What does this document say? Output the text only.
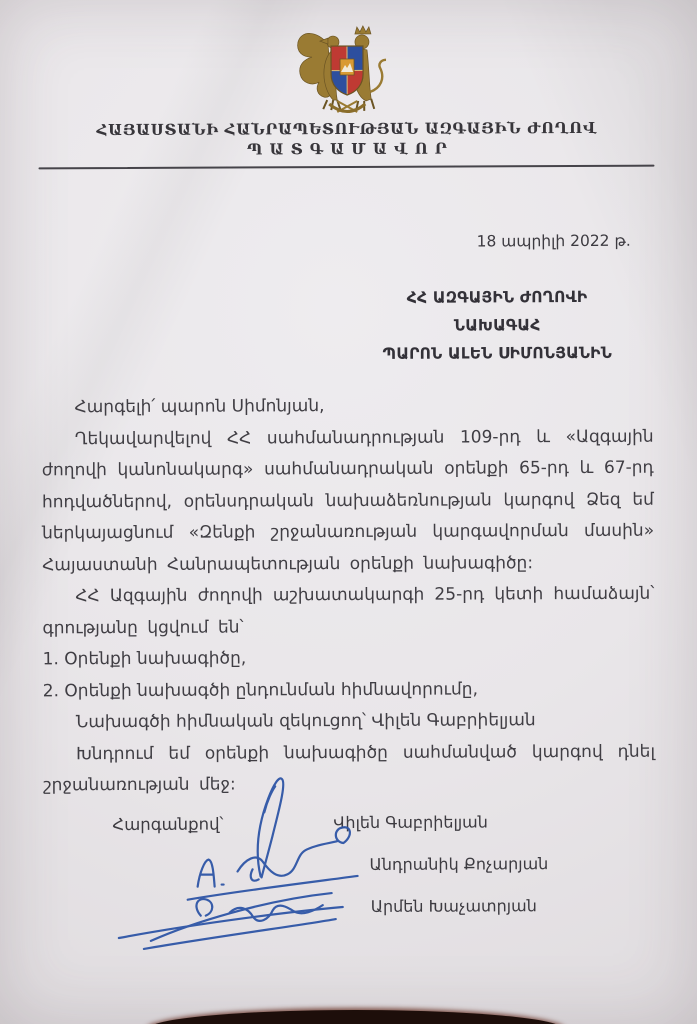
ՀԱՅԱՍՏԱՆԻ ՀԱՆՐԱՊԵՏՈՒԹՅԱՆ ԱԶԳԱՅԻՆ ԺՈՂՈՎ
ՊԱՏԳԱՄԱՎՈՐ
18 ապրիլի 2022 թ.
ՀՀ ԱԶԳԱՅԻՆ ԺՈՂՈՎԻ ՆԱԽԱԳԱՀ
ՊԱՐՈՆ ԱԼԵՆ ՍԻՄՈՆՅԱՆԻՆ

Հարգելի՛ պարոն Սիմոնյան,

Ղեկավարվելով ՀՀ սահմանադրության 109-րդ և «Ազգային ժողովի կանոնակարգ» սահմանադրական օրենքի 65-րդ և 67-րդ հոդվածներով, օրենսդրական նախաձեռնության կարգով Ձեզ եմ ներկայացնում «Զենքի շրջանառության կարգավորման մասին» Հայաստանի Հանրապետության օրենքի նախագիծը:

ՀՀ Ազգային ժողովի աշխատակարգի 25-րդ կետի համաձայն՝ գրությանը կցվում են՝

1. Օրենքի նախագիծը,

2. Օրենքի նախագծի ընդունման հիմնավորումը,

Նախագծի հիմնական զեկուցող՝ Վիլեն Գաբրիելյան

Խնդրում եմ օրենքի նախագիծը սահմանված կարգով դնել շրջանառության մեջ:

Հարգանքով՝	Վիլեն Գաբրիելյան
Անդրանիկ Քոչարյան
Արմեն Խաչատրյան
